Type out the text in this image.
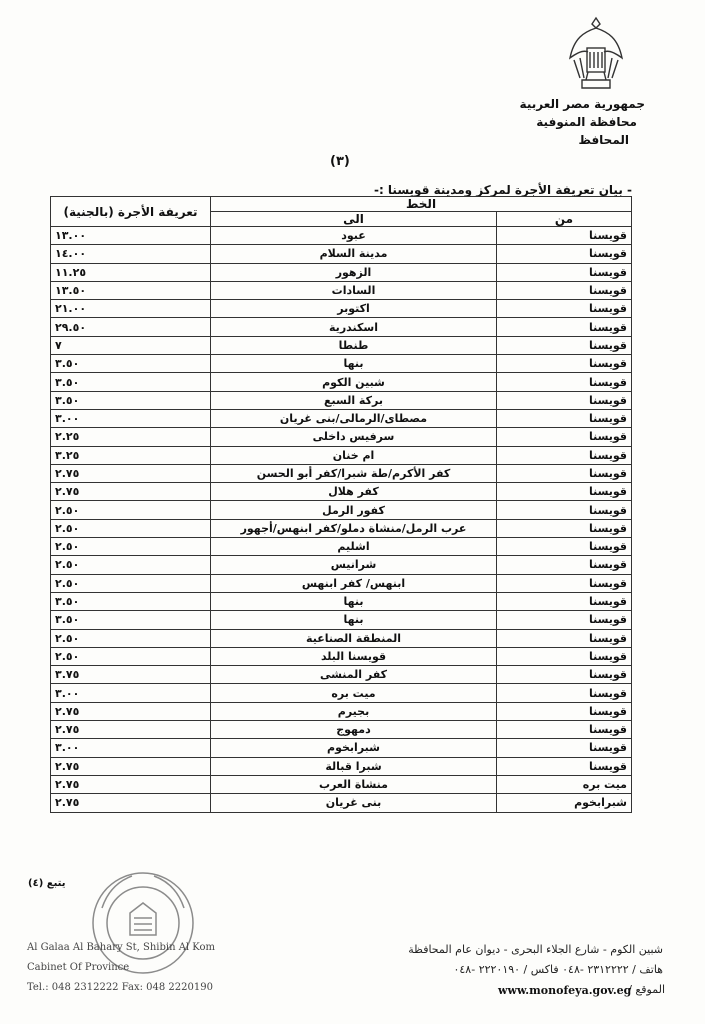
جمهورية مصر العربية
محافظة المنوفية
المحافظ
(٣)
- بيان تعريفة الأجرة لمركز ومدينة قويسنا :-
الخط		تعريفة الأجرة (بالجنية)
من	الى	
قويسنا	عبود	١٣.٠٠
قويسنا	مدينة السلام	١٤.٠٠
قويسنا	الزهور	١١.٢٥
قويسنا	السادات	١٣.٥٠
قويسنا	اكتوبر	٢١.٠٠
قويسنا	اسكندرية	٢٩.٥٠
قويسنا	طنطا	٧
قويسنا	بنها	٣.٥٠
قويسنا	شبين الكوم	٣.٥٠
قويسنا	بركة السبع	٣.٥٠
قويسنا	مصطاى/الرمالى/بنى غريان	٣.٠٠
قويسنا	سرفيس داخلى	٢.٢٥
قويسنا	ام خنان	٣.٢٥
قويسنا	كفر الأكرم/طة شبرا/كفر أبو الحسن	٢.٧٥
قويسنا	كفر هلال	٢.٧٥
قويسنا	كفور الرمل	٢.٥٠
قويسنا	عرب الرمل/منشاة دملو/كفر ابنهس/أجهور	٢.٥٠
قويسنا	اشليم	٢.٥٠
قويسنا	شرانيس	٢.٥٠
قويسنا	ابنهس/ كفر ابنهس	٢.٥٠
قويسنا	بنها	٣.٥٠
قويسنا	بنها	٣.٥٠
قويسنا	المنطقة الصناعية	٢.٥٠
قويسنا	قويسنا البلد	٢.٥٠
قويسنا	كفر المنشى	٣.٧٥
قويسنا	ميت بره	٣.٠٠
قويسنا	بجيرم	٢.٧٥
قويسنا	دمهوج	٢.٧٥
قويسنا	شبرابخوم	٣.٠٠
قويسنا	شبرا قبالة	٢.٧٥
ميت بره	منشاة العرب	٢.٧٥
شبرابخوم	بنى غريان	٢.٧٥
يتبع (٤)
Al Galaa Al Bahary St, Shibin Al Kom
Cabinet Of Province
Tel.: 048 2312222 Fax: 048 2220190
شبين الكوم - شارع الجلاء البحرى - ديوان عام المحافظة
هاتف / ٢٣١٢٢٢٢ -٠٤٨ فاكس / ٢٢٢٠١٩٠ -٠٤٨
الموقع /
www.monofeya.gov.eg
